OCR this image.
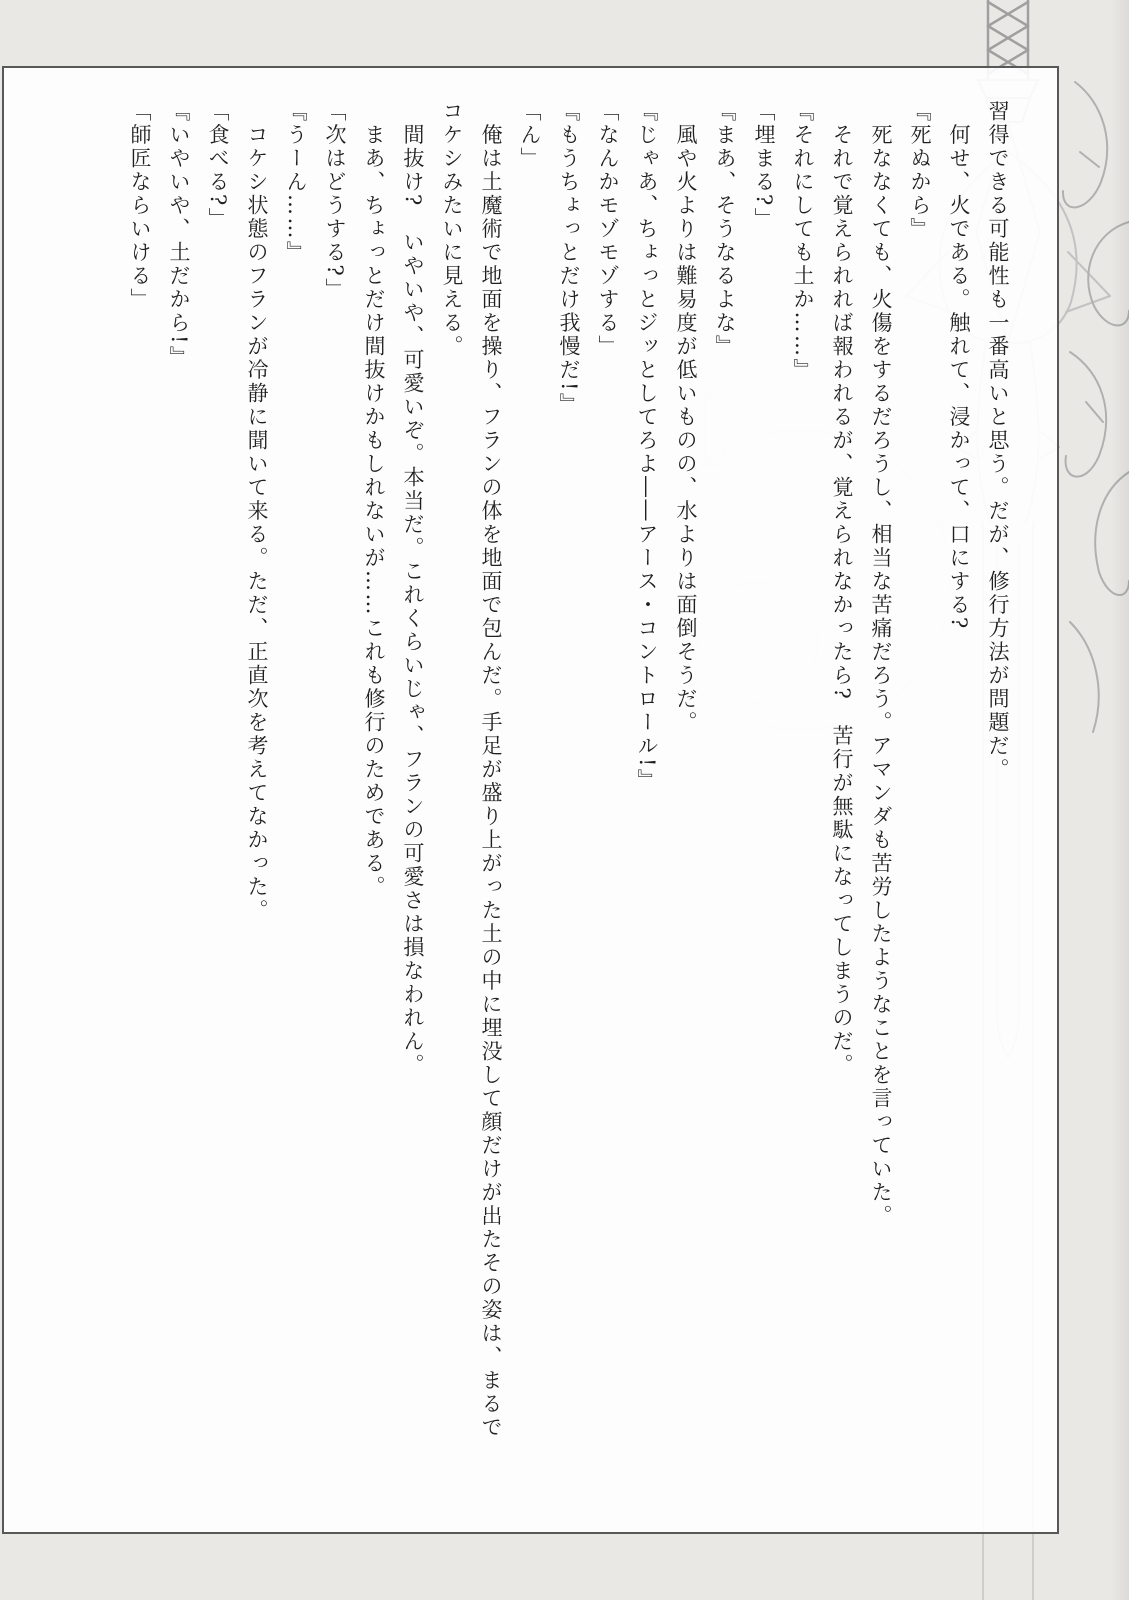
習得できる可能性も一番高いと思う。だが、修行方法が問題だ。

　何せ、火である。触れて、浸かって、口にする?

『死ぬから』

　死ななくても、火傷をするだろうし、相当な苦痛だろう。アマンダも苦労したようなことを言っていた。

　それで覚えられれば報われるが、覚えられなかったら?　苦行が無駄になってしまうのだ。

『それにしても土か……』

「埋まる?」

『まあ、そうなるよな』

　風や火よりは難易度が低いものの、水よりは面倒そうだ。

『じゃあ、ちょっとジッとしてろよ――アース・コントロール!』

「なんかモゾモゾする」

『もうちょっとだけ我慢だ!』

「ん」

　俺は土魔術で地面を操り、フランの体を地面で包んだ。手足が盛り上がった土の中に埋没して顔だけが出たその姿は、まるで

コケシみたいに見える。

　間抜け?　いやいや、可愛いぞ。本当だ。これくらいじゃ、フランの可愛さは損なわれん。

　まあ、ちょっとだけ間抜けかもしれないが……これも修行のためである。

「次はどうする?」

『うーん……』

　コケシ状態のフランが冷静に聞いて来る。ただ、正直次を考えてなかった。

「食べる?」

『いやいや、土だから!』

「師匠ならいける」
